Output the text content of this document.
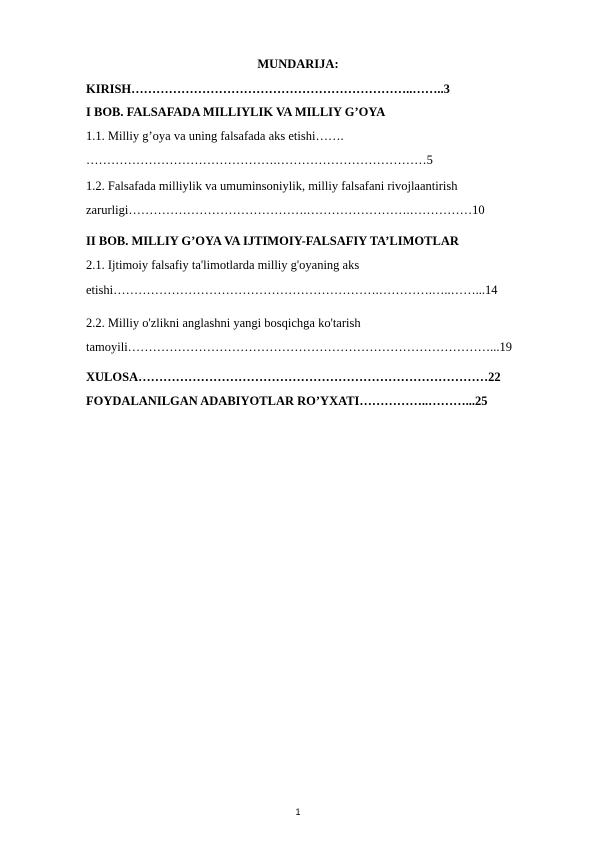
MUNDARIJA:
KIRISH…………………………………………………………..……..3
I BOB. FALSAFADA MILLIYLIK VA MILLIY G’OYA
1.1. Milliy g’oya va uning falsafada aks etishi…….
……………………………………….………………………………5
1.2. Falsafada milliylik va umuminsoniylik, milliy falsafani rivojlaantirish
zarurligi…………………………………….…………………….……………10
II BOB. MILLIY G’OYA VA IJTIMOIY-FALSAFIY TA’LIMOTLAR
2.1. Ijtimoiy falsafiy ta'limotlarda milliy g'oyaning aks
etishi……………………………………………………….………….…..……...14
2.2. Milliy o'zlikni anglashni yangi bosqichga ko'tarish
tamoyili……………………………………………………………………………...19
XULOSA…………………………………………………………………………22
FOYDALANILGAN ADABIYOTLAR RO’YXATI……………..………...25
1
